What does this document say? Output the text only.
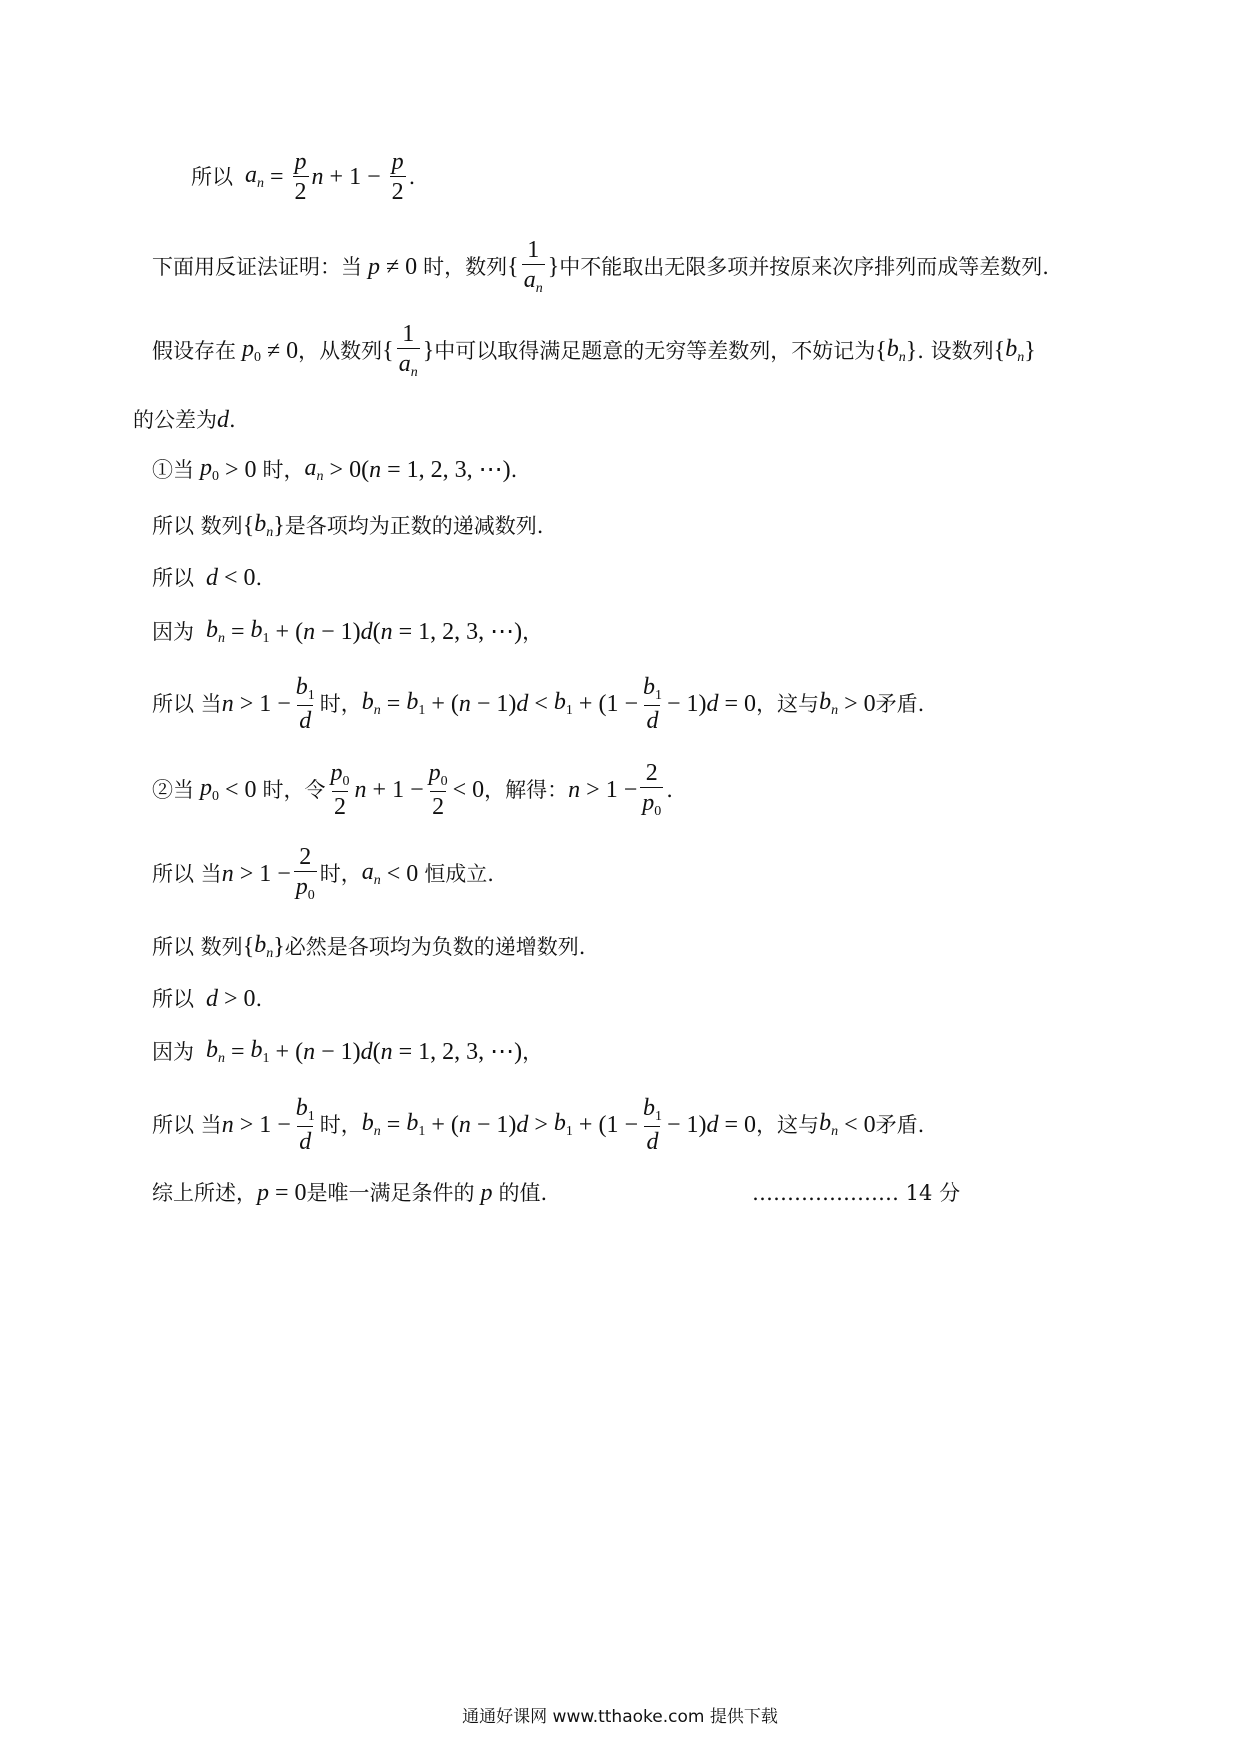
所以 $a_n = \frac{p}{2}$ $n + 1 - \frac{p}{2}$ .
下面用反证法证明：当 p ≠ 0 时，数列 { $\frac{1}{a_n}$ } 中不能取出无限多项并按原来次序排列而成等差数列.
假设存在 $p_0 \ne 0$ ，从数列 { $\frac{1}{a_n}$ } 中可以取得满足题意的无穷等差数列，不妨记为 { $b_n$ } . 设数列 { $b_n$ }
的公差为 d .
①当 $p_0 > 0$ 时， $a_n > 0$( n = 1, 2, 3, ⋯) .
所以 数列 { $b_n$ } 是各项均为正数的递减数列.
所以 d < 0 .
因为 $b_n = b_1$ + ( n − 1) d ( n = 1, 2, 3, ⋯) ，
所以 当 $n > 1 - \frac{b_1}{d}$ 时， $b_n = b_1$ + ( n − 1) $d < b_1 + (1 - \frac{b_1}{d} - 1) d = 0$ ，这与 $b_n > 0$ 矛盾.
②当 $p_0 < 0$ 时，令 $\frac{p_0}{2}$ $n + 1 - \frac{p_0}{2} < 0$ ，解得： $n > 1 - \frac{2}{p_0}$ .
所以 当 $n > 1 - \frac{2}{p_0}$ 时， $a_n < 0$ 恒成立.
所以 数列 { $b_n$ } 必然是各项均为负数的递增数列.
所以 d > 0 .
因为 $b_n = b_1$ + ( n − 1) d ( n = 1, 2, 3, ⋯) ，
所以 当 $n > 1 - \frac{b_1}{d}$ 时， $b_n = b_1$ + ( n − 1) $d > b_1 + (1 - \frac{b_1}{d} - 1) d = 0$ ，这与 $b_n < 0$ 矛盾.
综上所述， p = 0 是唯一满足条件的 p 的值.	………………… 14 分
通通好课网 www.tthaoke.com 提供下载
